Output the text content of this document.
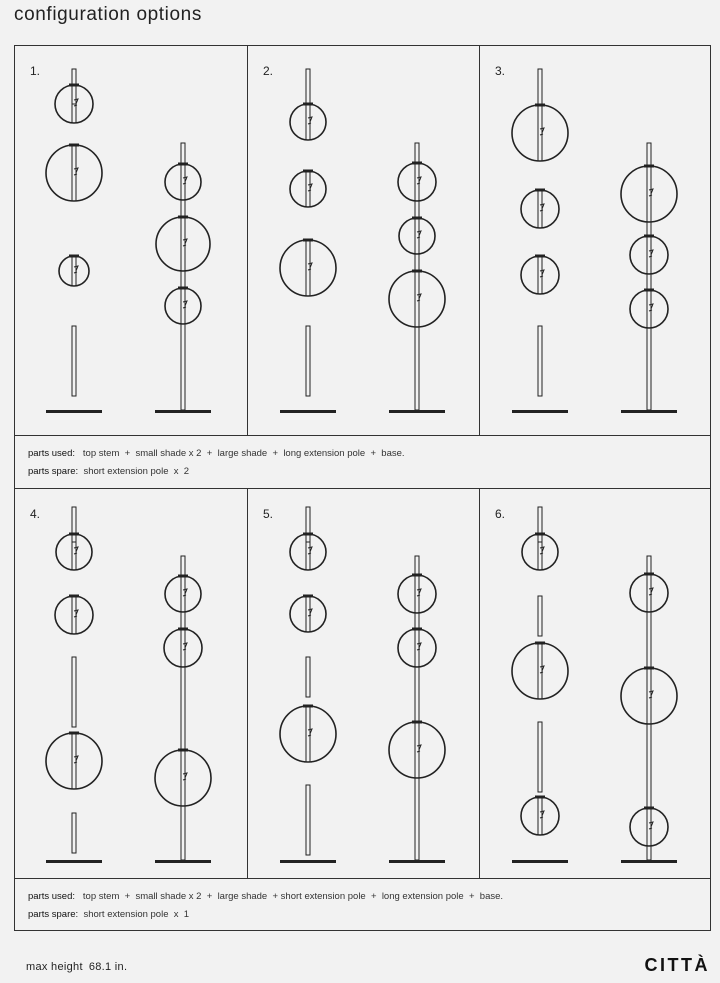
configuration options
1.	2.	3.
parts used: top stem  +  small shade x 2  +  large shade  +  long extension pole  +  base.
parts spare: short extension pole  x  2
4.	5.	6.
parts used: top stem  +  small shade x 2  +  large shade  + short extension pole  +  long extension pole  +  base.
parts spare: short extension pole  x  1
max height 68.1 in.	CITTÀ
